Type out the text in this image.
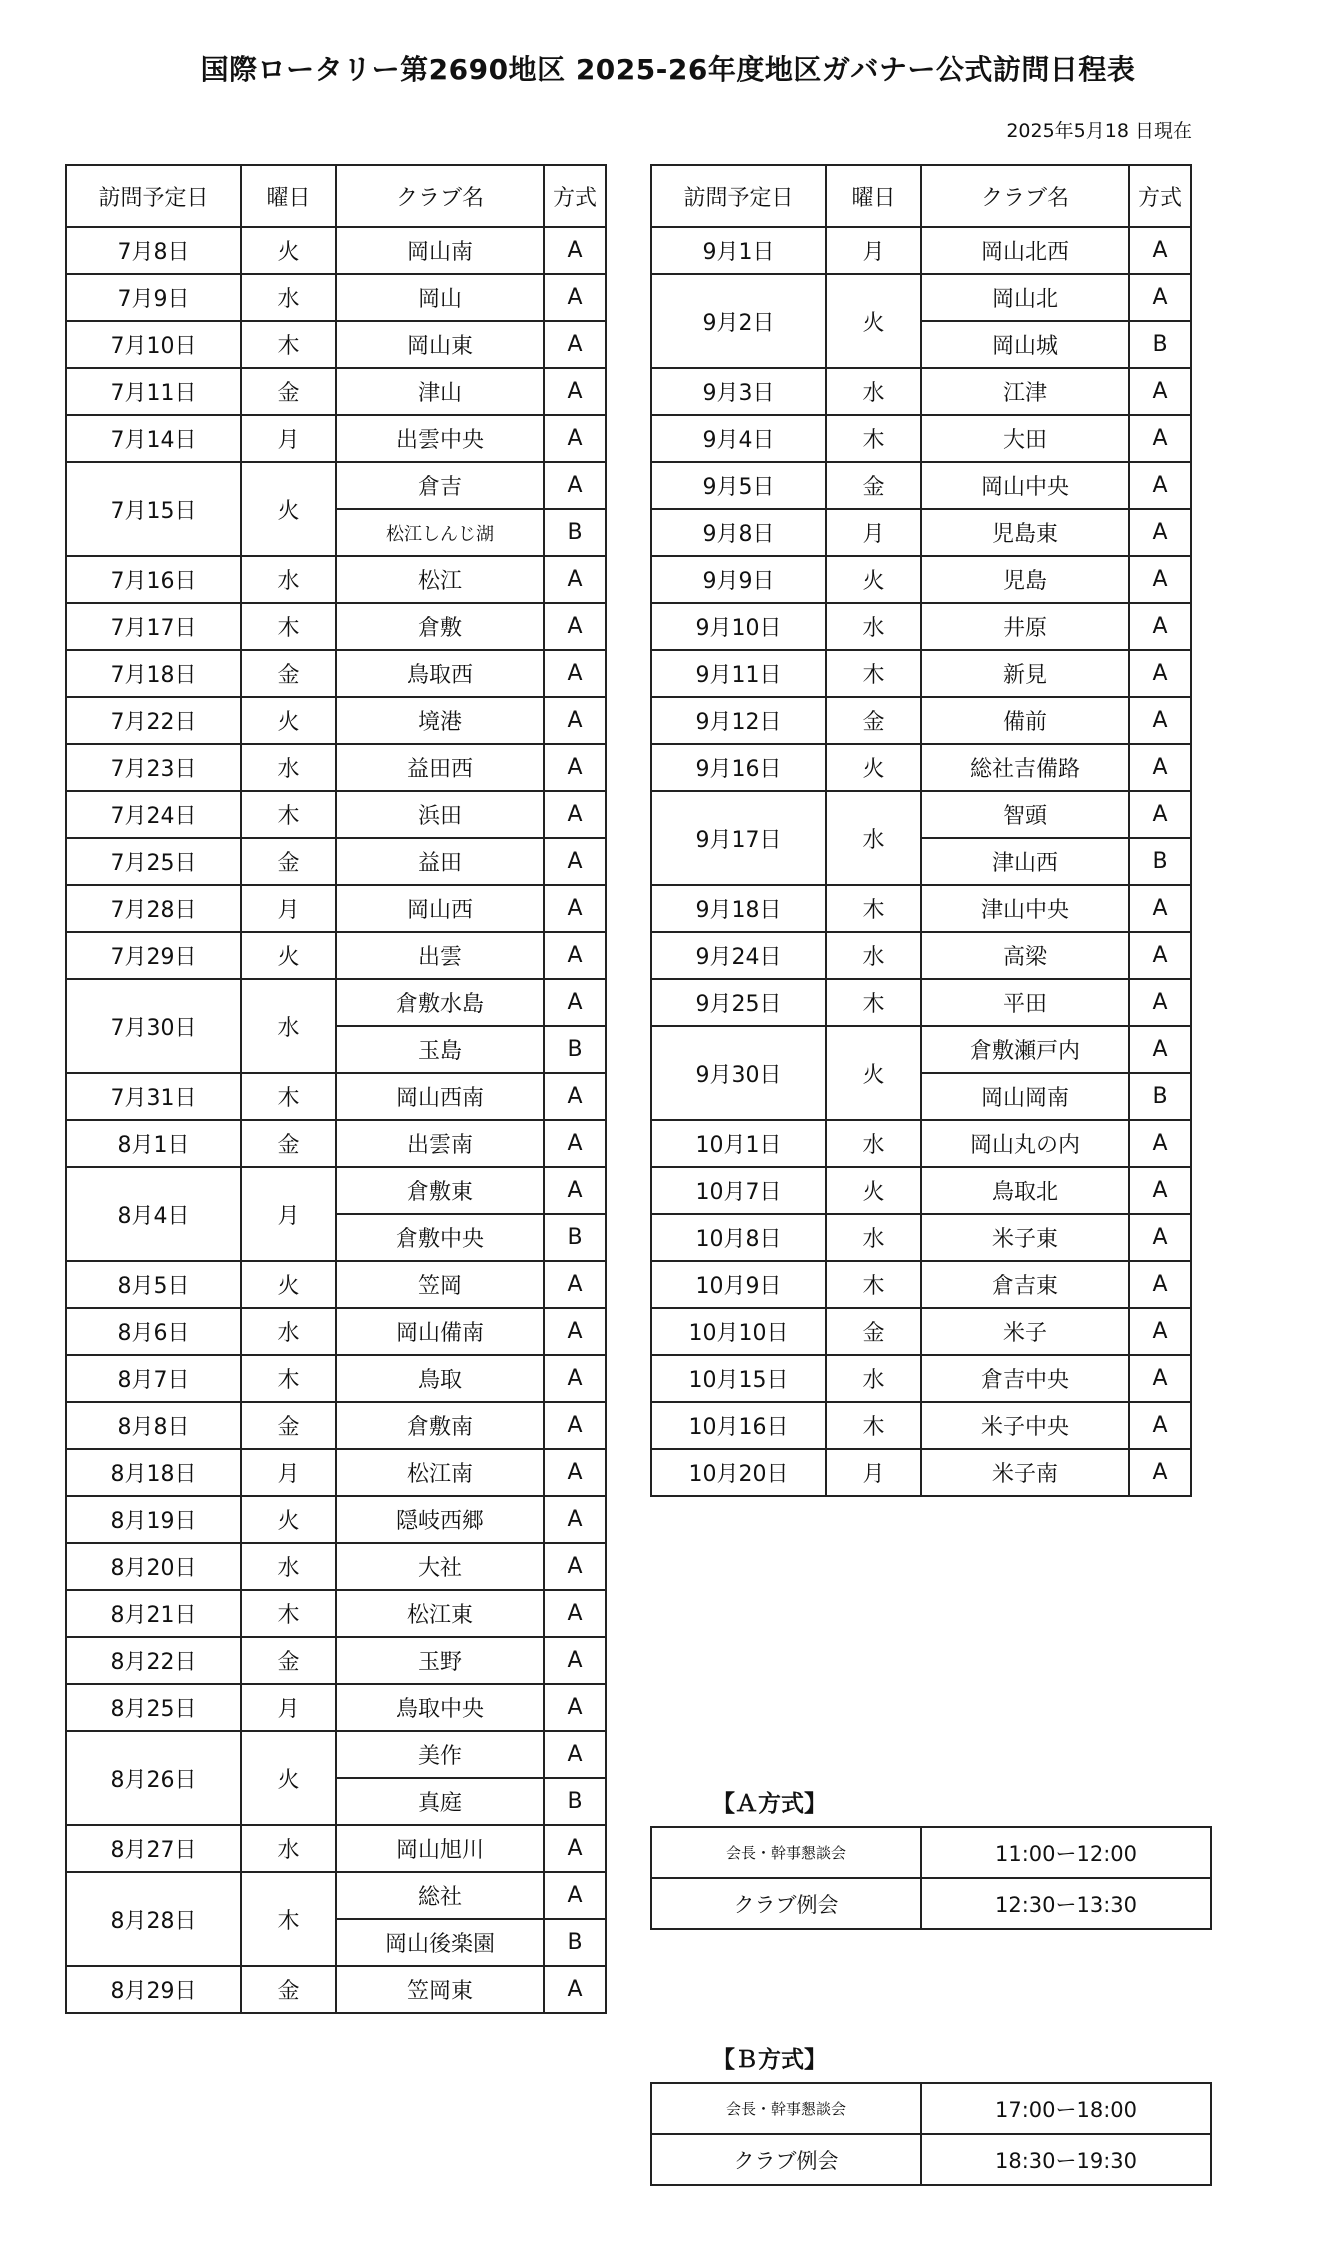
国際ロータリー第2690地区 2025-26年度地区ガバナー公式訪問日程表
2025年5月18 日現在
訪問予定日	曜日	クラブ名	方式
7月8日	火	岡山南	A
7月9日	水	岡山	A
7月10日	木	岡山東	A
7月11日	金	津山	A
7月14日	月	出雲中央	A
7月15日	火	倉吉	A
		松江しんじ湖	B
7月16日	水	松江	A
7月17日	木	倉敷	A
7月18日	金	鳥取西	A
7月22日	火	境港	A
7月23日	水	益田西	A
7月24日	木	浜田	A
7月25日	金	益田	A
7月28日	月	岡山西	A
7月29日	火	出雲	A
7月30日	水	倉敷水島	A
		玉島	B
7月31日	木	岡山西南	A
8月1日	金	出雲南	A
8月4日	月	倉敷東	A
		倉敷中央	B
8月5日	火	笠岡	A
8月6日	水	岡山備南	A
8月7日	木	鳥取	A
8月8日	金	倉敷南	A
8月18日	月	松江南	A
8月19日	火	隠岐西郷	A
8月20日	水	大社	A
8月21日	木	松江東	A
8月22日	金	玉野	A
8月25日	月	鳥取中央	A
8月26日	火	美作	A
		真庭	B
8月27日	水	岡山旭川	A
8月28日	木	総社	A
		岡山後楽園	B
8月29日	金	笠岡東	A
訪問予定日	曜日	クラブ名	方式
9月1日	月	岡山北西	A
9月2日	火	岡山北	A
		岡山城	B
9月3日	水	江津	A
9月4日	木	大田	A
9月5日	金	岡山中央	A
9月8日	月	児島東	A
9月9日	火	児島	A
9月10日	水	井原	A
9月11日	木	新見	A
9月12日	金	備前	A
9月16日	火	総社吉備路	A
9月17日	水	智頭	A
		津山西	B
9月18日	木	津山中央	A
9月24日	水	高梁	A
9月25日	木	平田	A
9月30日	火	倉敷瀬戸内	A
		岡山岡南	B
10月1日	水	岡山丸の内	A
10月7日	火	鳥取北	A
10月8日	水	米子東	A
10月9日	木	倉吉東	A
10月10日	金	米子	A
10月15日	水	倉吉中央	A
10月16日	木	米子中央	A
10月20日	月	米子南	A
【Ａ方式】
会長・幹事懇談会	11:00ー12:00
クラブ例会	12:30ー13:30
【Ｂ方式】
会長・幹事懇談会	17:00ー18:00
クラブ例会	18:30ー19:30
